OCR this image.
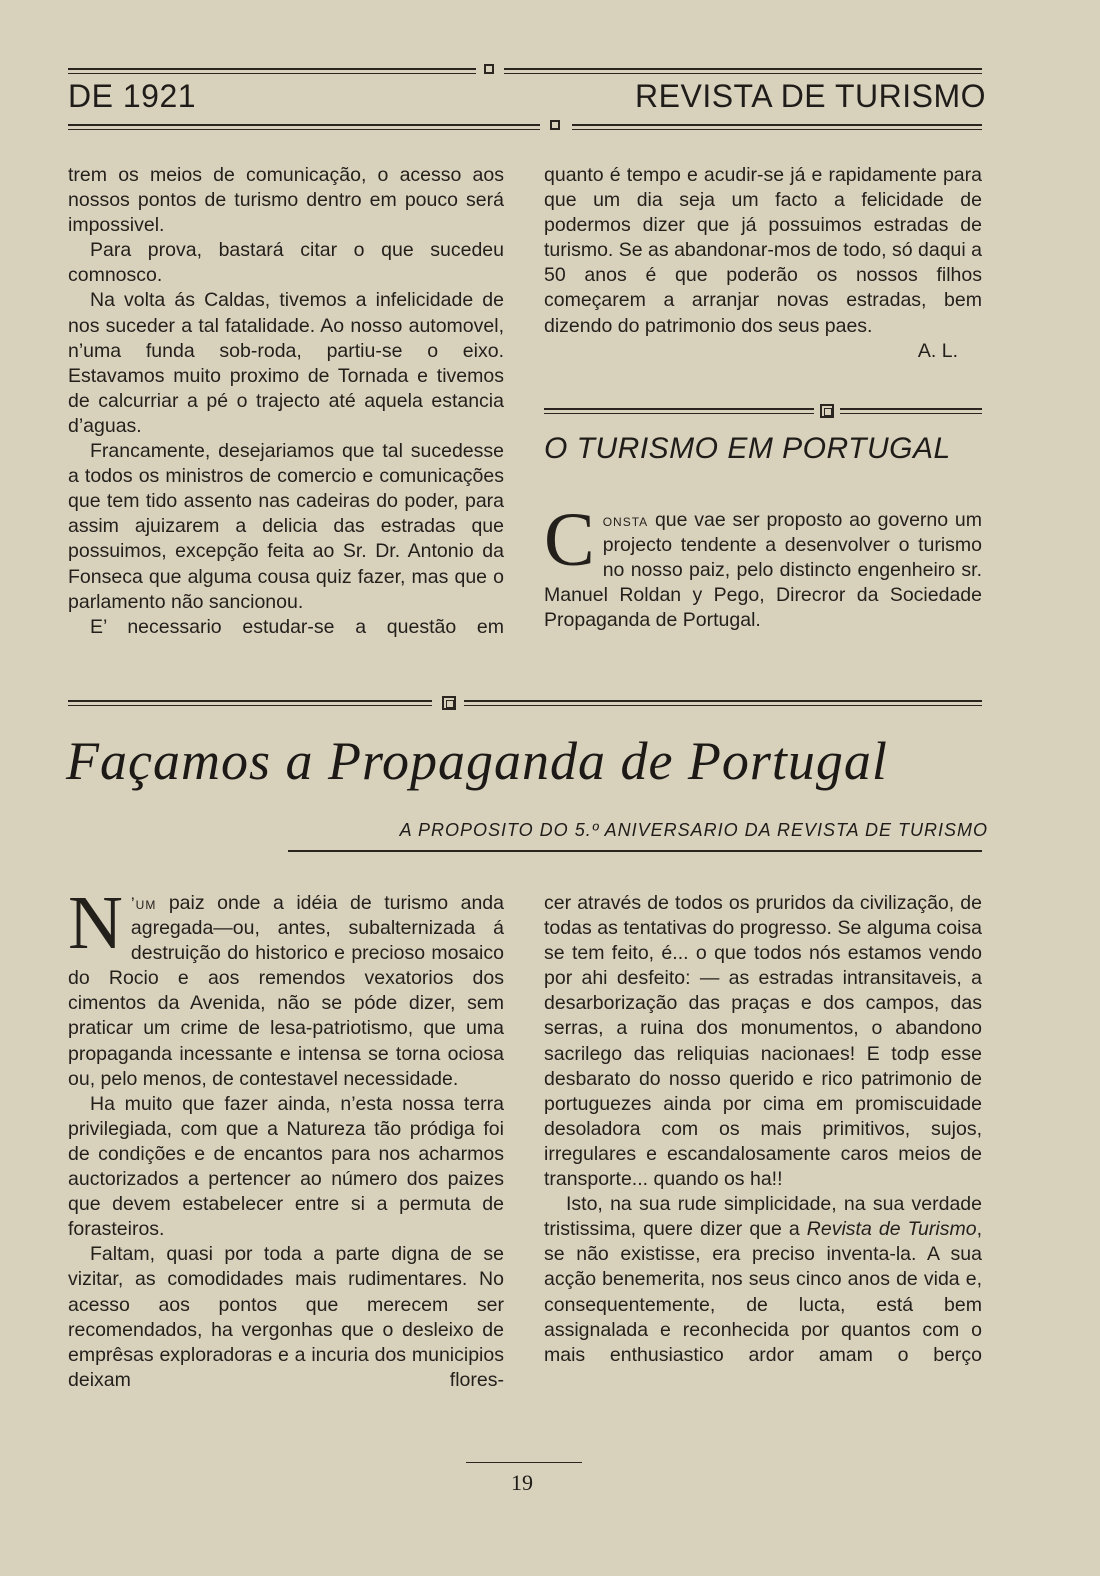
DE 1921	REVISTA DE TURISMO

trem os meios de comunicação, o acesso aos nossos pontos de turismo dentro em pouco será impossivel.

Para prova, bastará citar o que sucedeu comnosco.

Na volta ás Caldas, tivemos a infelicidade de nos suceder a tal fatalidade. Ao nosso automovel, n’uma funda sob-roda, partiu-se o eixo. Estavamos muito proximo de Tornada e tivemos de calcurriar a pé o trajecto até aquela estancia d’aguas.

Francamente, desejariamos que tal sucedesse a todos os ministros de comercio e comunicações que tem tido assento nas cadeiras do poder, para assim ajuizarem a delicia das estradas que possuimos, excepção feita ao Sr. Dr. Antonio da Fonseca que alguma cousa quiz fazer, mas que o parlamento não sancionou.

E’ necessario estudar-se a questão em

quanto é tempo e acudir-se já e rapidamente para que um dia seja um facto a felicidade de podermos dizer que já possuimos estradas de turismo. Se as abandonar-mos de todo, só daqui a 50 anos é que poderão os nossos filhos começarem a arranjar novas estradas, bem dizendo do patrimonio dos seus paes.

A. L.

O TURISMO EM PORTUGAL

Consta que vae ser proposto ao governo um projecto tendente a desenvolver o turismo no nosso paiz, pelo distincto engenheiro sr. Manuel Roldan y Pego, Direcror da Sociedade Propaganda de Portugal.

Façamos a Propaganda de Portugal
A PROPOSITO DO 5.º ANIVERSARIO DA REVISTA DE TURISMO

N ’um paiz onde a idéia de turismo anda agregada—ou, antes, subalternizada á destruição do historico e precioso mosaico do Rocio e aos remendos vexatorios dos cimentos da Avenida, não se póde dizer, sem praticar um crime de lesa-patriotismo, que uma propaganda incessante e intensa se torna ociosa ou, pelo menos, de contestavel necessidade.

Ha muito que fazer ainda, n’esta nossa terra privilegiada, com que a Natureza tão pródiga foi de condições e de encantos para nos acharmos auctorizados a pertencer ao número dos paizes que devem estabelecer entre si a permuta de forasteiros.

Faltam, quasi por toda a parte digna de se vizitar, as comodidades mais rudimentares. No acesso aos pontos que merecem ser recomendados, ha vergonhas que o desleixo de emprêsas exploradoras e a incuria dos municipios deixam flores-

cer através de todos os pruridos da civilização, de todas as tentativas do progresso. Se alguma coisa se tem feito, é... o que todos nós estamos vendo por ahi desfeito: — as estradas intransitaveis, a desarborização das praças e dos campos, das serras, a ruina dos monumentos, o abandono sacrilego das reliquias nacionaes! E todp esse desbarato do nosso querido e rico patrimonio de portuguezes ainda por cima em promiscuidade desoladora com os mais primitivos, sujos, irregulares e escandalosamente caros meios de transporte... quando os ha!!

Isto, na sua rude simplicidade, na sua verdade tristissima, quere dizer que a Revista de Turismo, se não existisse, era preciso inventa-la. A sua acção benemerita, nos seus cinco anos de vida e, consequentemente, de lucta, está bem assignalada e reconhecida por quantos com o mais enthusiastico ardor amam o berço

19
